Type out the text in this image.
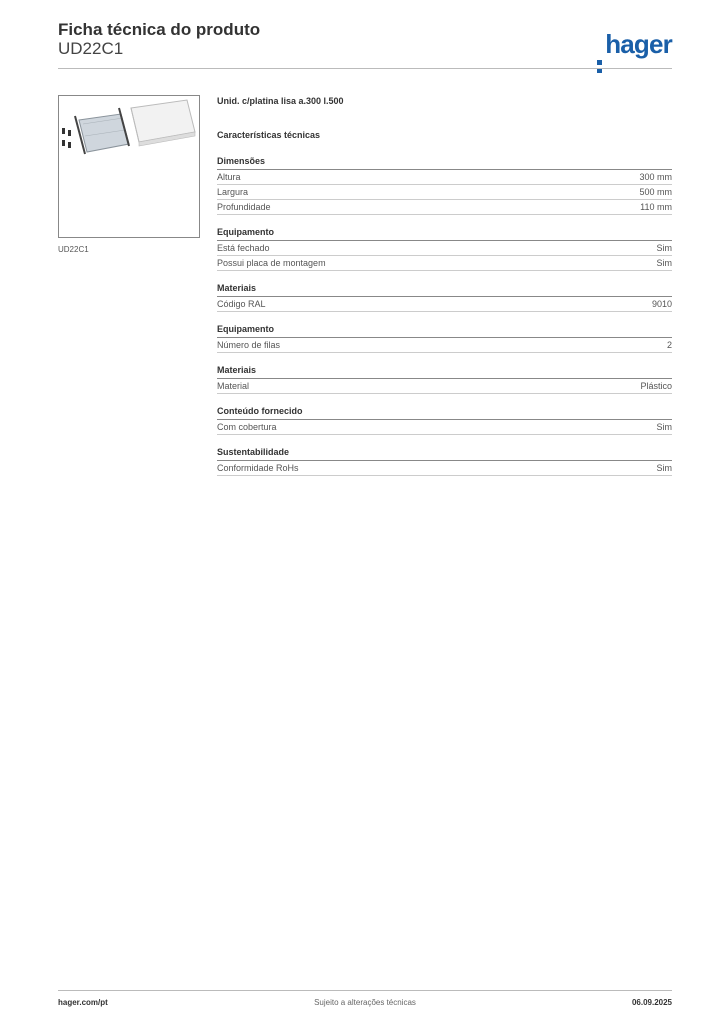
Ficha técnica do produto
UD22C1	hager
UD22C1
Unid. c/platina lisa a.300 l.500
Características técnicas
Dimensões
Altura	300 mm
Largura	500 mm
Profundidade	110 mm
Equipamento
Está fechado	Sim
Possui placa de montagem	Sim
Materiais
Código RAL	9010
Equipamento
Número de filas	2
Materiais
Material	Plástico
Conteúdo fornecido
Com cobertura	Sim
Sustentabilidade
Conformidade RoHs	Sim
hager.com/pt	Sujeito a alterações técnicas	06.09.2025
